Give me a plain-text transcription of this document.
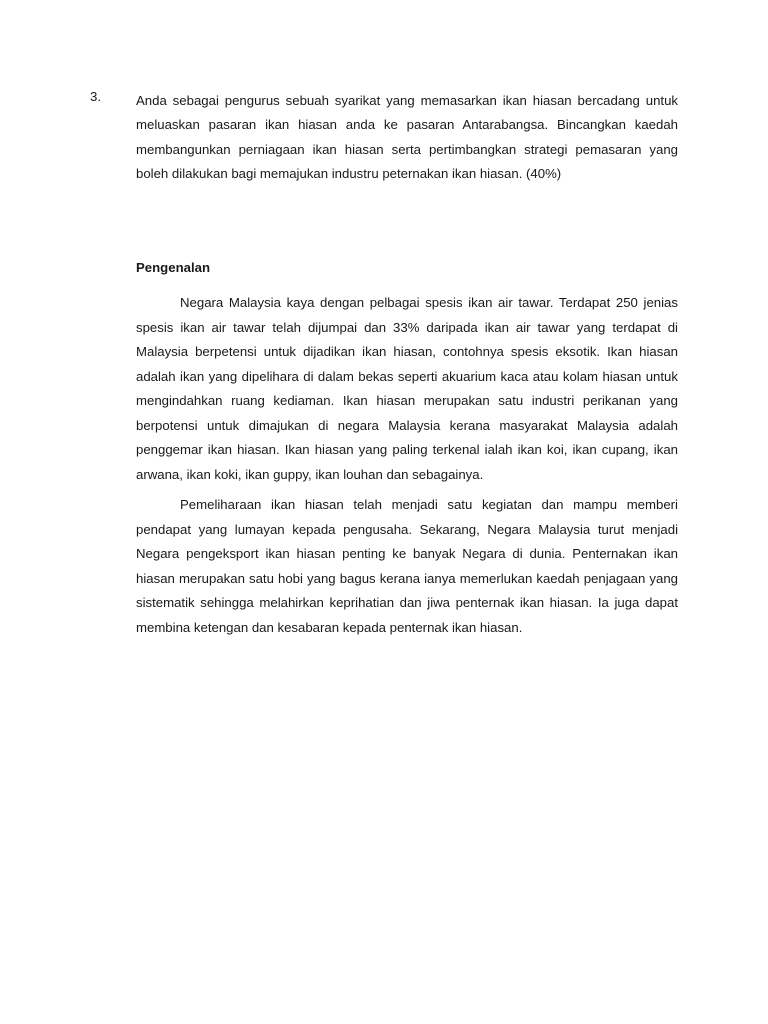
3.	Anda sebagai pengurus sebuah syarikat yang memasarkan ikan hiasan bercadang untuk meluaskan pasaran ikan hiasan anda ke pasaran Antarabangsa. Bincangkan kaedah membangunkan perniagaan ikan hiasan serta pertimbangkan strategi pemasaran yang boleh dilakukan bagi memajukan industru peternakan ikan hiasan. (40%)
Pengenalan

Negara Malaysia kaya dengan pelbagai spesis ikan air tawar. Terdapat 250 jenias spesis ikan air tawar telah dijumpai dan 33% daripada ikan air tawar yang terdapat di Malaysia berpetensi untuk dijadikan ikan hiasan, contohnya spesis eksotik. Ikan hiasan adalah ikan yang dipelihara di dalam bekas seperti akuarium kaca atau kolam hiasan untuk mengindahkan ruang kediaman. Ikan hiasan merupakan satu industri perikanan yang berpotensi untuk dimajukan di negara Malaysia kerana masyarakat Malaysia adalah penggemar ikan hiasan. Ikan hiasan yang paling terkenal ialah ikan koi, ikan cupang, ikan arwana, ikan koki, ikan guppy, ikan louhan dan sebagainya.

Pemeliharaan ikan hiasan telah menjadi satu kegiatan dan mampu memberi pendapat yang lumayan kepada pengusaha. Sekarang, Negara Malaysia turut menjadi Negara pengeksport ikan hiasan penting ke banyak Negara di dunia. Penternakan ikan hiasan merupakan satu hobi yang bagus kerana ianya memerlukan kaedah penjagaan yang sistematik sehingga melahirkan keprihatian dan jiwa penternak ikan hiasan. Ia juga dapat membina ketengan dan kesabaran kepada penternak ikan hiasan.
